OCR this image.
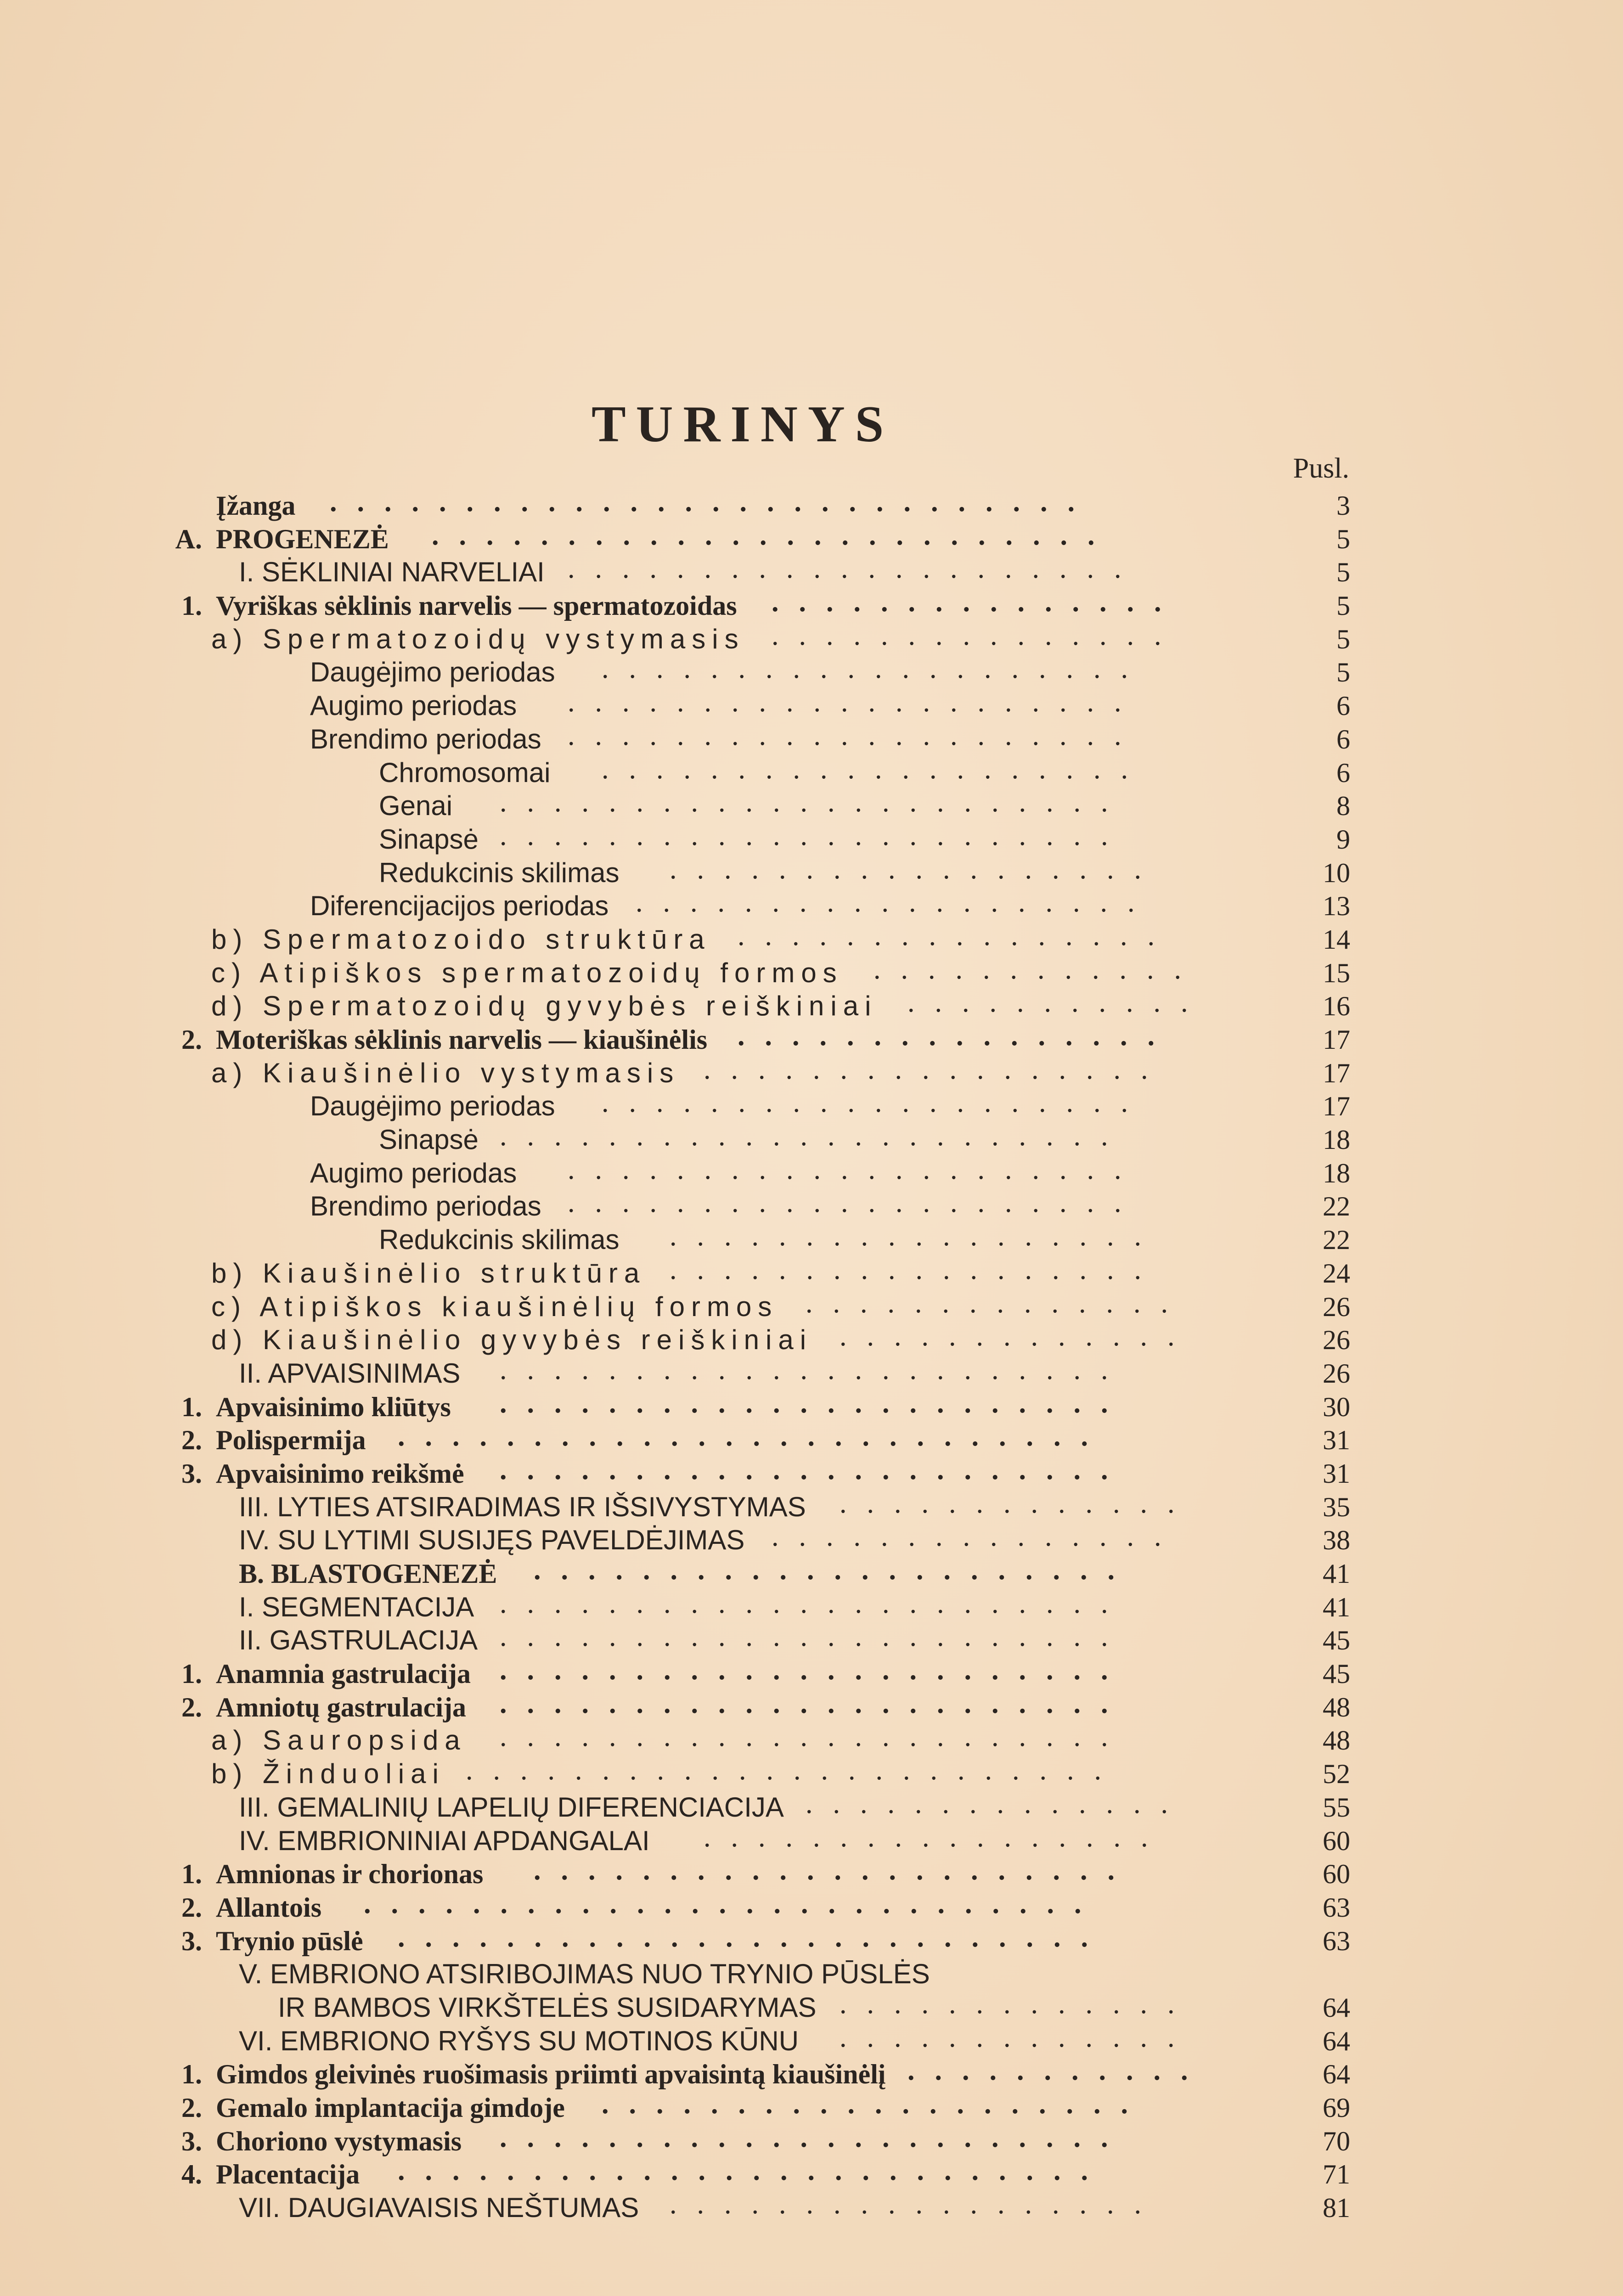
TURINYS
Pusl.
Įžanga ............................	3
A. PROGENEZĖ .........................	5
I. SĖKLINIAI NARVELIAI .....................	5
1. Vyriškas sėklinis narvelis — spermatozoidas ...............	5
a) Spermatozoidų vystymasis ...............	5
Daugėjimo periodas ....................	5
Augimo periodas .....................	6
Brendimo periodas .....................	6
Chromosomai ....................	6
Genai .......................	8
Sinapsė .......................	9
Redukcinis skilimas ..................	10
Diferencijacijos periodas ...................	13
b) Spermatozoido struktūra ................	14
c) Atipiškos spermatozoidų formos ............	15
d) Spermatozoidų gyvybės reiškiniai ...........	16
2. Moteriškas sėklinis narvelis — kiaušinėlis ................	17
a) Kiaušinėlio vystymasis .................	17
Daugėjimo periodas ....................	17
Sinapsė .......................	18
Augimo periodas .....................	18
Brendimo periodas .....................	22
Redukcinis skilimas ..................	22
b) Kiaušinėlio struktūra ..................	24
c) Atipiškos kiaušinėlių formos ..............	26
d) Kiaušinėlio gyvybės reiškiniai .............	26
II. APVAISINIMAS .......................	26
1. Apvaisinimo kliūtys .......................	30
2. Polispermija ..........................	31
3. Apvaisinimo reikšmė .......................	31
III. LYTIES ATSIRADIMAS IR IŠSIVYSTYMAS .............	35
IV. SU LYTIMI SUSIJĘS PAVELDĖJIMAS ...............	38
B. BLASTOGENEZĖ ......................	41
I. SEGMENTACIJA .......................	41
II. GASTRULACIJA .......................	45
1. Anamnia gastrulacija .......................	45
2. Amniotų gastrulacija .......................	48
a) Sauropsida .......................	48
b) Žinduoliai ........................	52
III. GEMALINIŲ LAPELIŲ DIFERENCIACIJA ..............	55
IV. EMBRIONINIAI APDANGALAI .................	60
1. Amnionas ir chorionas ......................	60
2. Allantois ...........................	63
3. Trynio pūslė ..........................	63
V. EMBRIONO ATSIRIBOJIMAS NUO TRYNIO PŪSLĖS
IR BAMBOS VIRKŠTELĖS SUSIDARYMAS .............	64
VI. EMBRIONO RYŠYS SU MOTINOS KŪNU .............	64
1. Gimdos gleivinės ruošimasis priimti apvaisintą kiaušinėlį ...........	64
2. Gemalo implantacija gimdoje ....................	69
3. Choriono vystymasis .......................	70
4. Placentacija ..........................	71
VII. DAUGIAVAISIS NEŠTUMAS ..................	81
